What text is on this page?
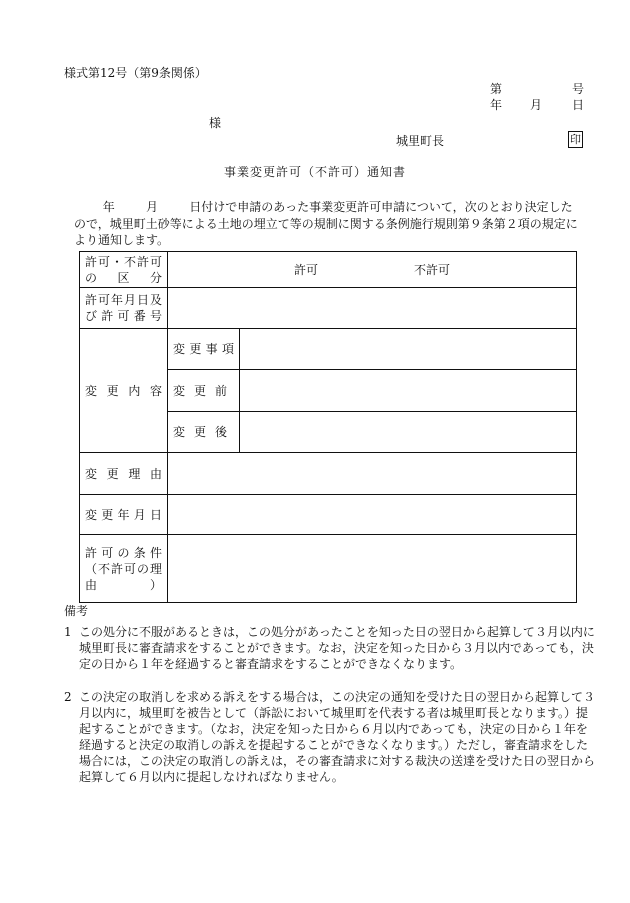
様式第12号（第9条関係）
第	号
年 月 日
様
城里町長	印
事業変更許可（不許可）通知書
年	月	日付けで申請のあった事業変更許可申請について，次のとおり決定したので，城里町土砂等による土地の埋立て等の規制に関する条例施行規則第９条第２項の規定により通知します。
許可・不許可の　区　分	許可 不許可	

許可年月日及び許可番号		
変更内容	変更事項	
	変更前	
	変更後	
変更理由		
変更年月日		
許可の条件（不許可の理由）		
備考
1 この処分に不服があるときは，この処分があったことを知った日の翌日から起算して３月以内に城里町長に審査請求をすることができます。なお，決定を知った日から３月以内であっても，決定の日から１年を経過すると審査請求をすることができなくなります。
2 この決定の取消しを求める訴えをする場合は，この決定の通知を受けた日の翌日から起算して３月以内に，城里町を被告として（訴訟において城里町を代表する者は城里町長となります。）提起することができます。（なお，決定を知った日から６月以内であっても，決定の日から１年を経過すると決定の取消しの訴えを提起することができなくなります。）ただし，審査請求をした場合には，この決定の取消しの訴えは，その審査請求に対する裁決の送達を受けた日の翌日から起算して６月以内に提起しなければなりません。
